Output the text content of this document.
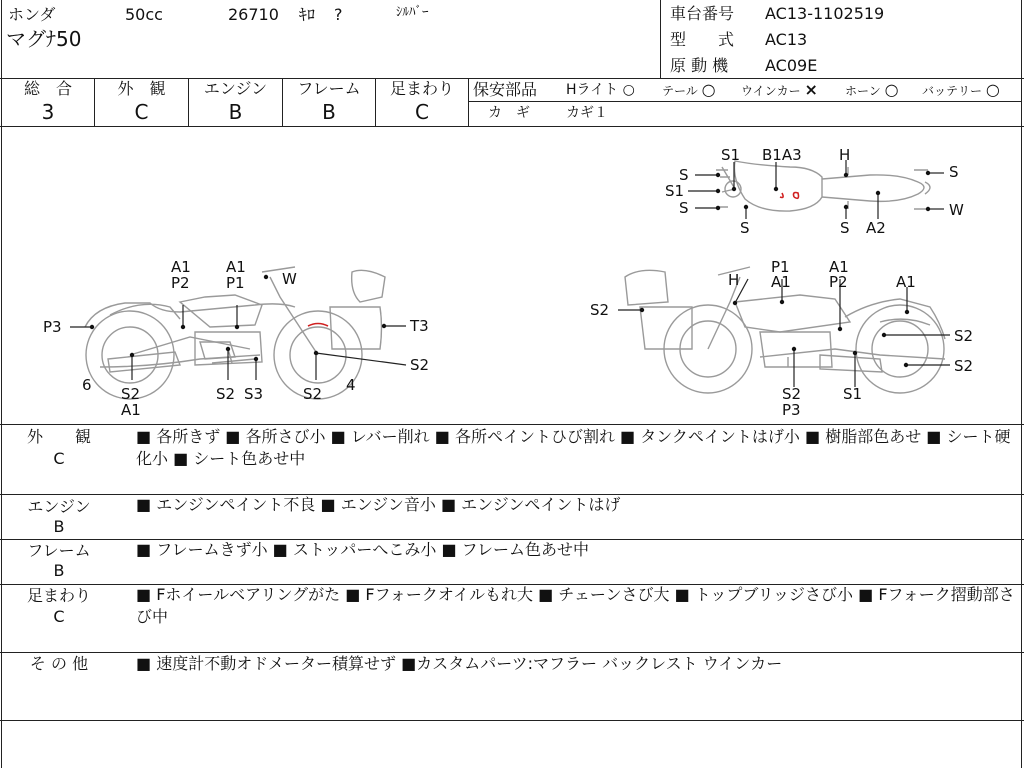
ホンダ	50cc	26710 ｷﾛ ?	ｼﾙﾊﾞｰ
マグﾅ50
車台番号 AC13-1102519
型　　式 AC13
原 動 機 AC09E
総　合
3
外　観
C
エンジン
B
フレーム
B
足まわり
C
保安部品 Hライト ○ テール ○ ウインカー × ホーン ○ バッテリー ○
カ　ギ	カギ１
S1 B1A3 H
S
S1
S
S
W
S	S A2
A1
P2
A1
P1 W
P3	T3
S2
6 S2
A1
S2 S3	S2 4
P1
A1
A1
H	A1
P2
S2
S2
S2
S2
P3
S1
外　　観
C
■ 各所きず ■ 各所さび小 ■ レバー削れ ■ 各所ペイントひび割れ ■ タンクペイントはげ小 ■ 樹脂部色あせ ■ シート硬化小 ■ シート色あせ中
エンジン
B
■ エンジンペイント不良 ■ エンジン音小 ■ エンジンペイントはげ
フレーム
B
■ フレームきず小 ■ ストッパーへこみ小 ■ フレーム色あせ中
足まわり
C
■ Fホイールベアリングがた ■ Fフォークオイルもれ大 ■ チェーンさび大 ■ トップブリッジさび小 ■ Fフォーク摺動部さび中
そ の 他	■ 速度計不動オドメーター積算せず ■カスタムパーツ:マフラー バックレスト ウインカー
